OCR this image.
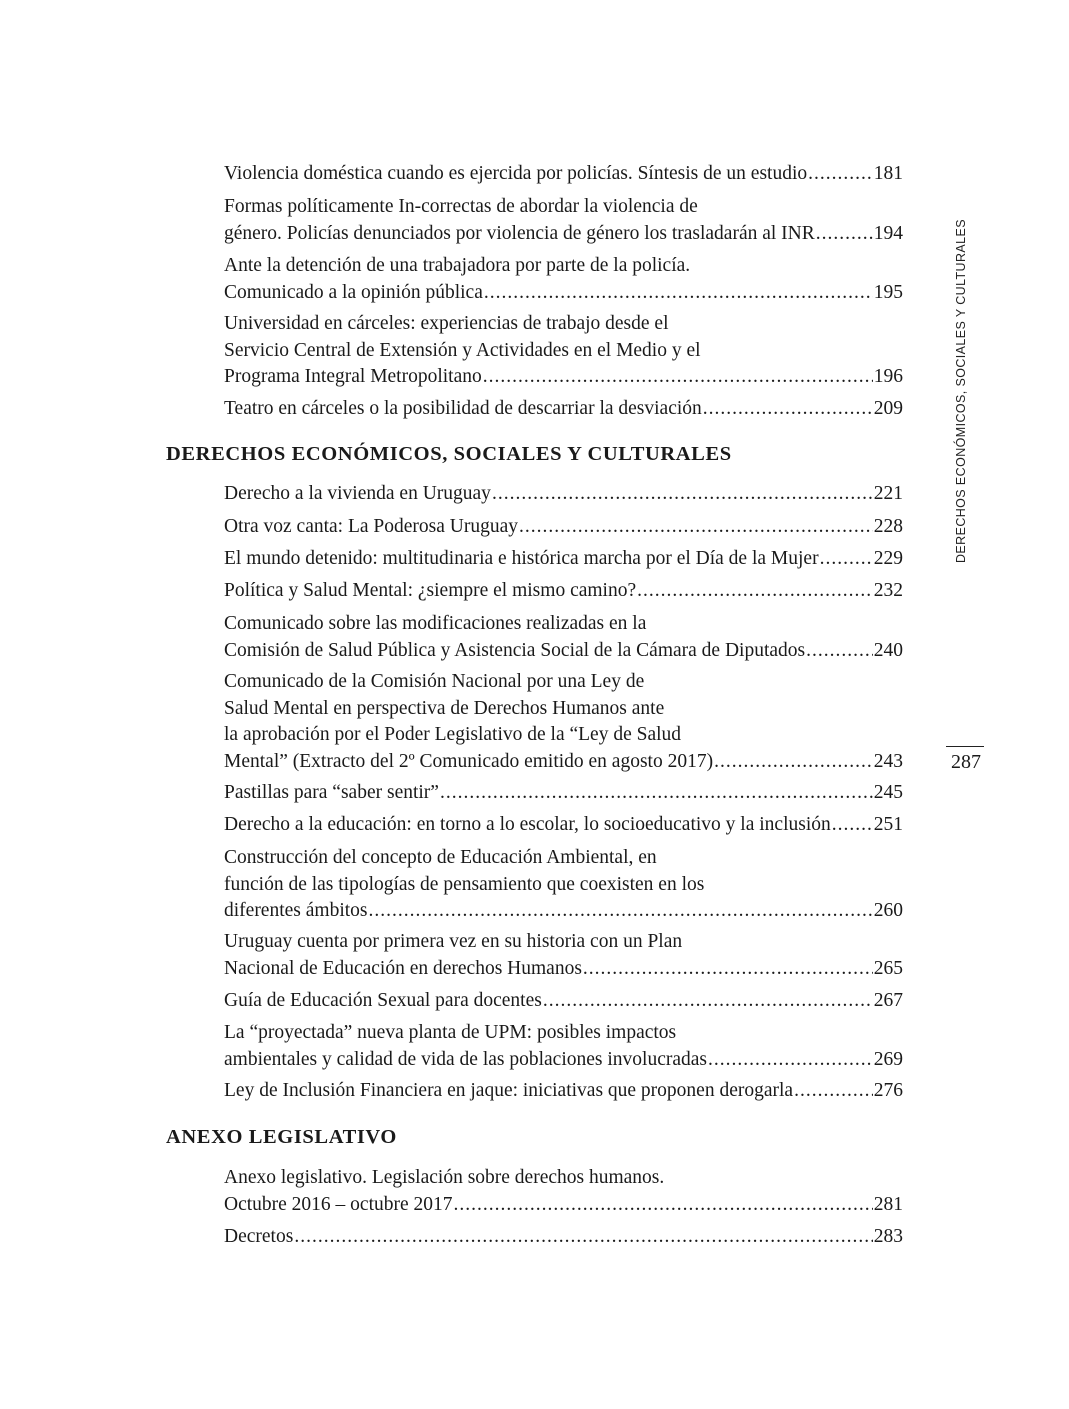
Violencia doméstica cuando es ejercida por policías. Síntesis de un estudio .....	181
Formas políticamente In-correctas de abordar la violencia de
género. Policías denunciados por violencia de género los trasladarán al INR .....	194
Ante la detención de una trabajadora por parte de la policía.
Comunicado a la opinión pública .....	195
Universidad en cárceles: experiencias de trabajo desde el
Servicio Central de Extensión y Actividades en el Medio y el
Programa Integral Metropolitano .....	196
Teatro en cárceles o la posibilidad de descarriar la desviación .....	209
DERECHOS ECONÓMICOS, SOCIALES Y CULTURALES
Derecho a la vivienda en Uruguay .....	221
Otra voz canta: La Poderosa Uruguay .....	228
El mundo detenido: multitudinaria e histórica marcha por el Día de la Mujer .....	229
Política y Salud Mental: ¿siempre el mismo camino? .....	232
Comunicado sobre las modificaciones realizadas en la
Comisión de Salud Pública y Asistencia Social de la Cámara de Diputados .....	240
Comunicado de la Comisión Nacional por una Ley de
Salud Mental en perspectiva de Derechos Humanos ante
la aprobación por el Poder Legislativo de la “Ley de Salud
Mental” (Extracto del 2º Comunicado emitido en agosto 2017) .....	243
Pastillas para “saber sentir” .....	245
Derecho a la educación: en torno a lo escolar, lo socioeducativo y la inclusión ..... 251
Construcción del concepto de Educación Ambiental, en
función de las tipologías de pensamiento que coexisten en los
diferentes ámbitos .....	260
Uruguay cuenta por primera vez en su historia con un Plan
Nacional de Educación en derechos Humanos .....	265
Guía de Educación Sexual para docentes .....	267
La “proyectada” nueva planta de UPM: posibles impactos
ambientales y calidad de vida de las poblaciones involucradas .....	269
Ley de Inclusión Financiera en jaque: iniciativas que proponen derogarla .....	276
ANEXO LEGISLATIVO
Anexo legislativo. Legislación sobre derechos humanos.
Octubre 2016 – octubre 2017 .....	281
Decretos .....	283
DERECHOS ECONÓMICOS, SOCIALES Y CULTURALES
287
